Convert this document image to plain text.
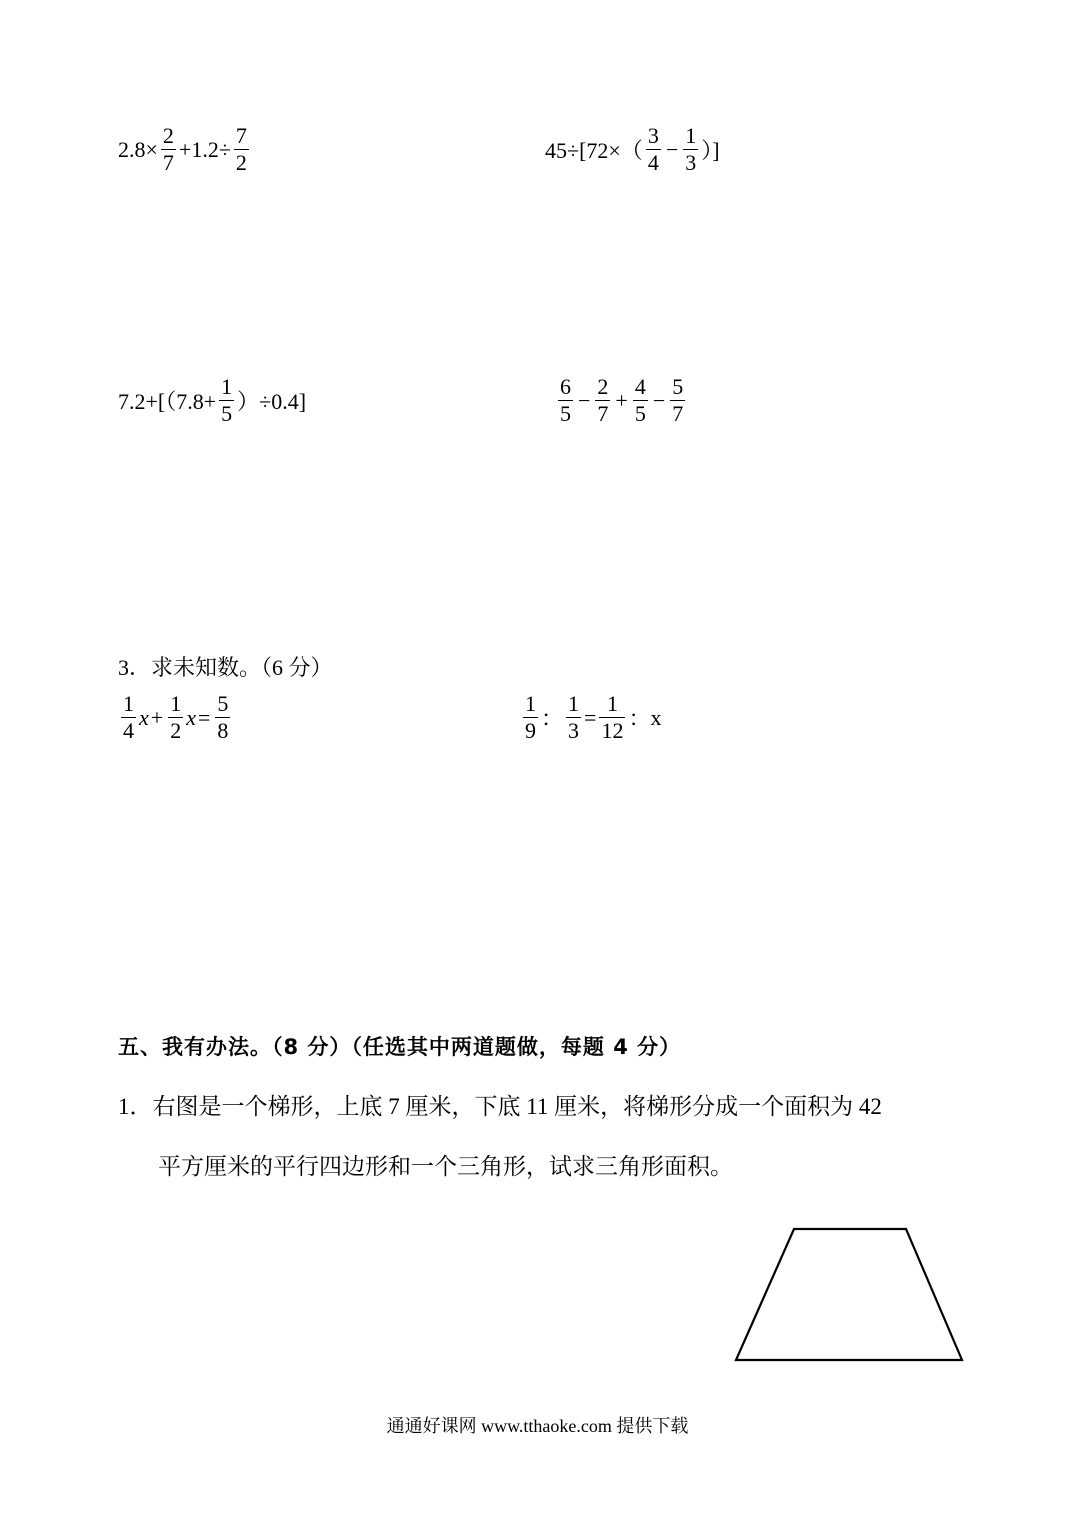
$2.8\times \frac{2}{7} +1.2\div \frac{7}{2}$	$45\div[72\times( \frac{3}{4} - \frac{1}{3}$ ）]
$7.2+[(7.8+ \frac{1}{5} )\div 0.4]$	$\frac{6}{5} - \frac{2}{7} + \frac{4}{5} - \frac{5}{7}$
3．求未知数。（6 分）
$\frac{1}{4}$ $x + \frac{1}{2}$ $x = \frac{5}{8}$	$\frac{1}{9}$ ： $\frac{1}{3} = \frac{1}{12}$ ： x
五、我有办法。（8 分）（任选其中两道题做，每题 4 分）
1．右图是一个梯形，上底 7 厘米，下底 11 厘米，将梯形分成一个面积为 42
平方厘米的平行四边形和一个三角形，试求三角形面积。
通通好课网 www.tthaoke.com 提供下载
